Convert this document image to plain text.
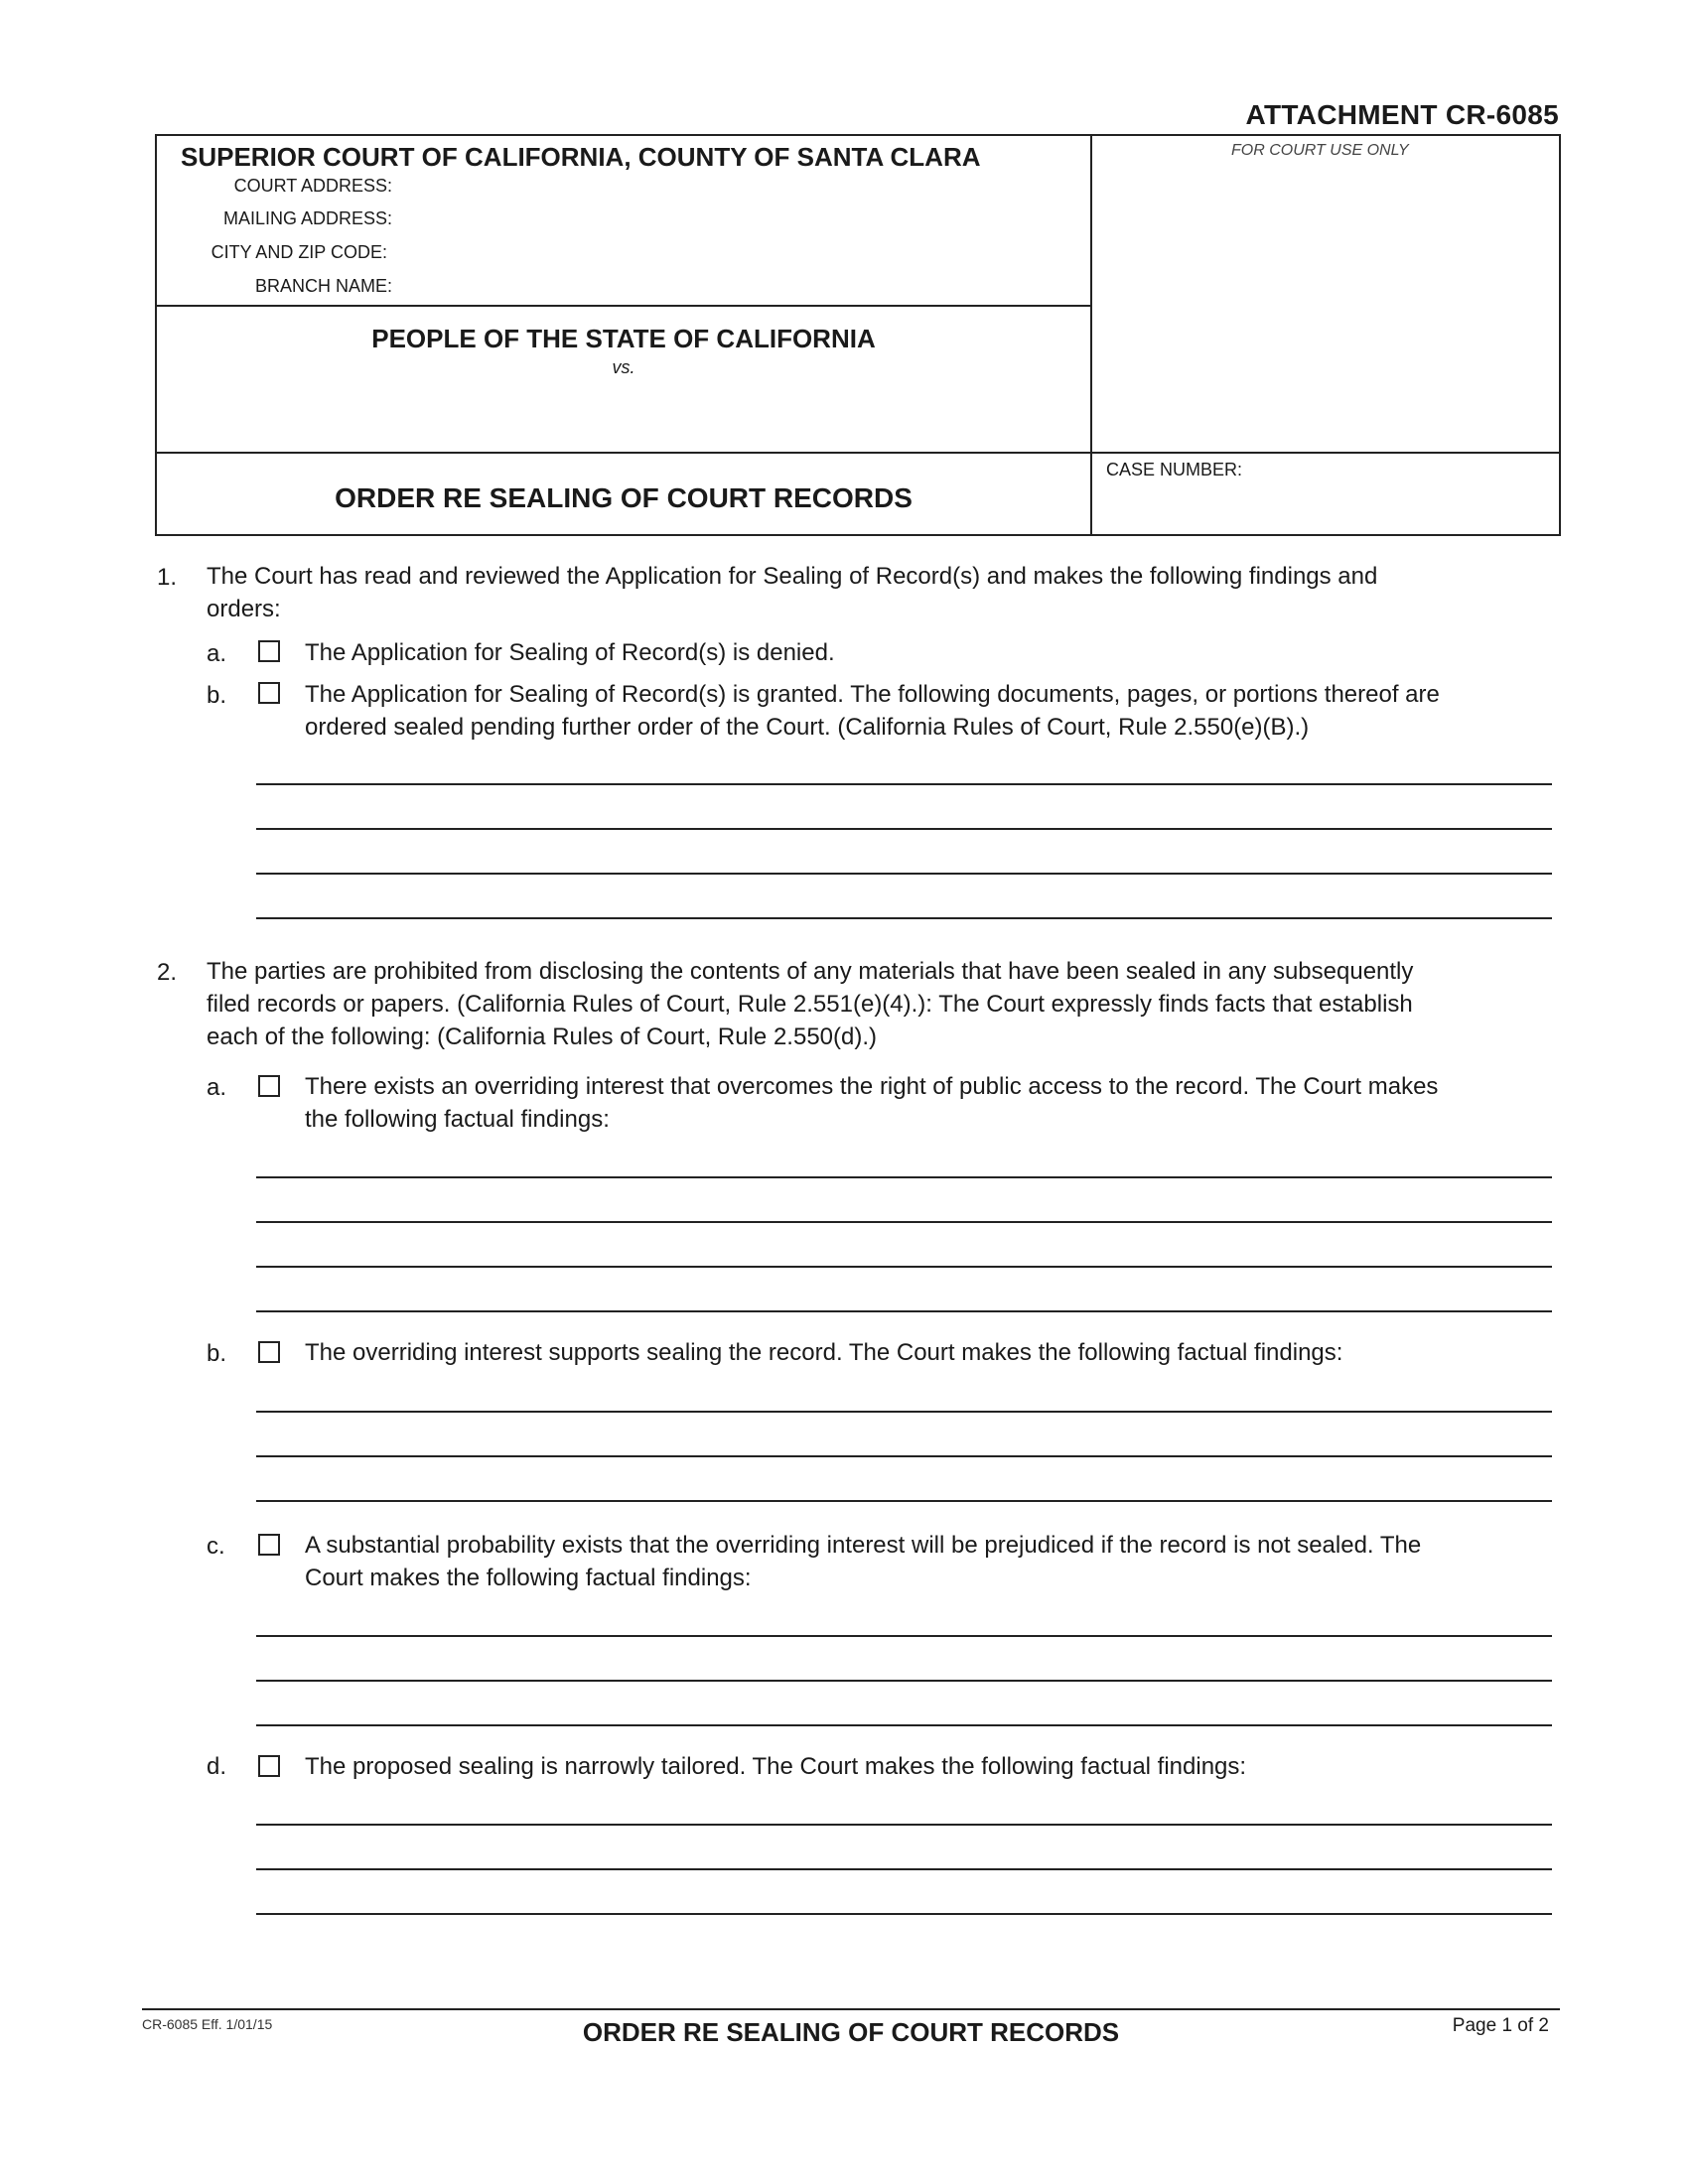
ATTACHMENT CR-6085
SUPERIOR COURT OF CALIFORNIA, COUNTY OF SANTA CLARA
COURT ADDRESS:
MAILING ADDRESS:
CITY AND ZIP CODE:
BRANCH NAME:
FOR COURT USE ONLY
PEOPLE OF THE STATE OF CALIFORNIA
vs.
ORDER RE SEALING OF COURT RECORDS
CASE NUMBER:
1. The Court has read and reviewed the Application for Sealing of Record(s) and makes the following findings and
orders:
a.	The Application for Sealing of Record(s) is denied.
b.	The Application for Sealing of Record(s) is granted. The following documents, pages, or portions thereof are
ordered sealed pending further order of the Court. (California Rules of Court, Rule 2.550(e)(B).)
2. The parties are prohibited from disclosing the contents of any materials that have been sealed in any subsequently
filed records or papers. (California Rules of Court, Rule 2.551(e)(4).): The Court expressly finds facts that establish
each of the following: (California Rules of Court, Rule 2.550(d).)
a.	There exists an overriding interest that overcomes the right of public access to the record. The Court makes
the following factual findings:
b.	The overriding interest supports sealing the record. The Court makes the following factual findings:
c.	A substantial probability exists that the overriding interest will be prejudiced if the record is not sealed. The
Court makes the following factual findings:
d.	The proposed sealing is narrowly tailored. The Court makes the following factual findings:
CR-6085 Eff. 1/01/15	ORDER RE SEALING OF COURT RECORDS	Page 1 of 2
